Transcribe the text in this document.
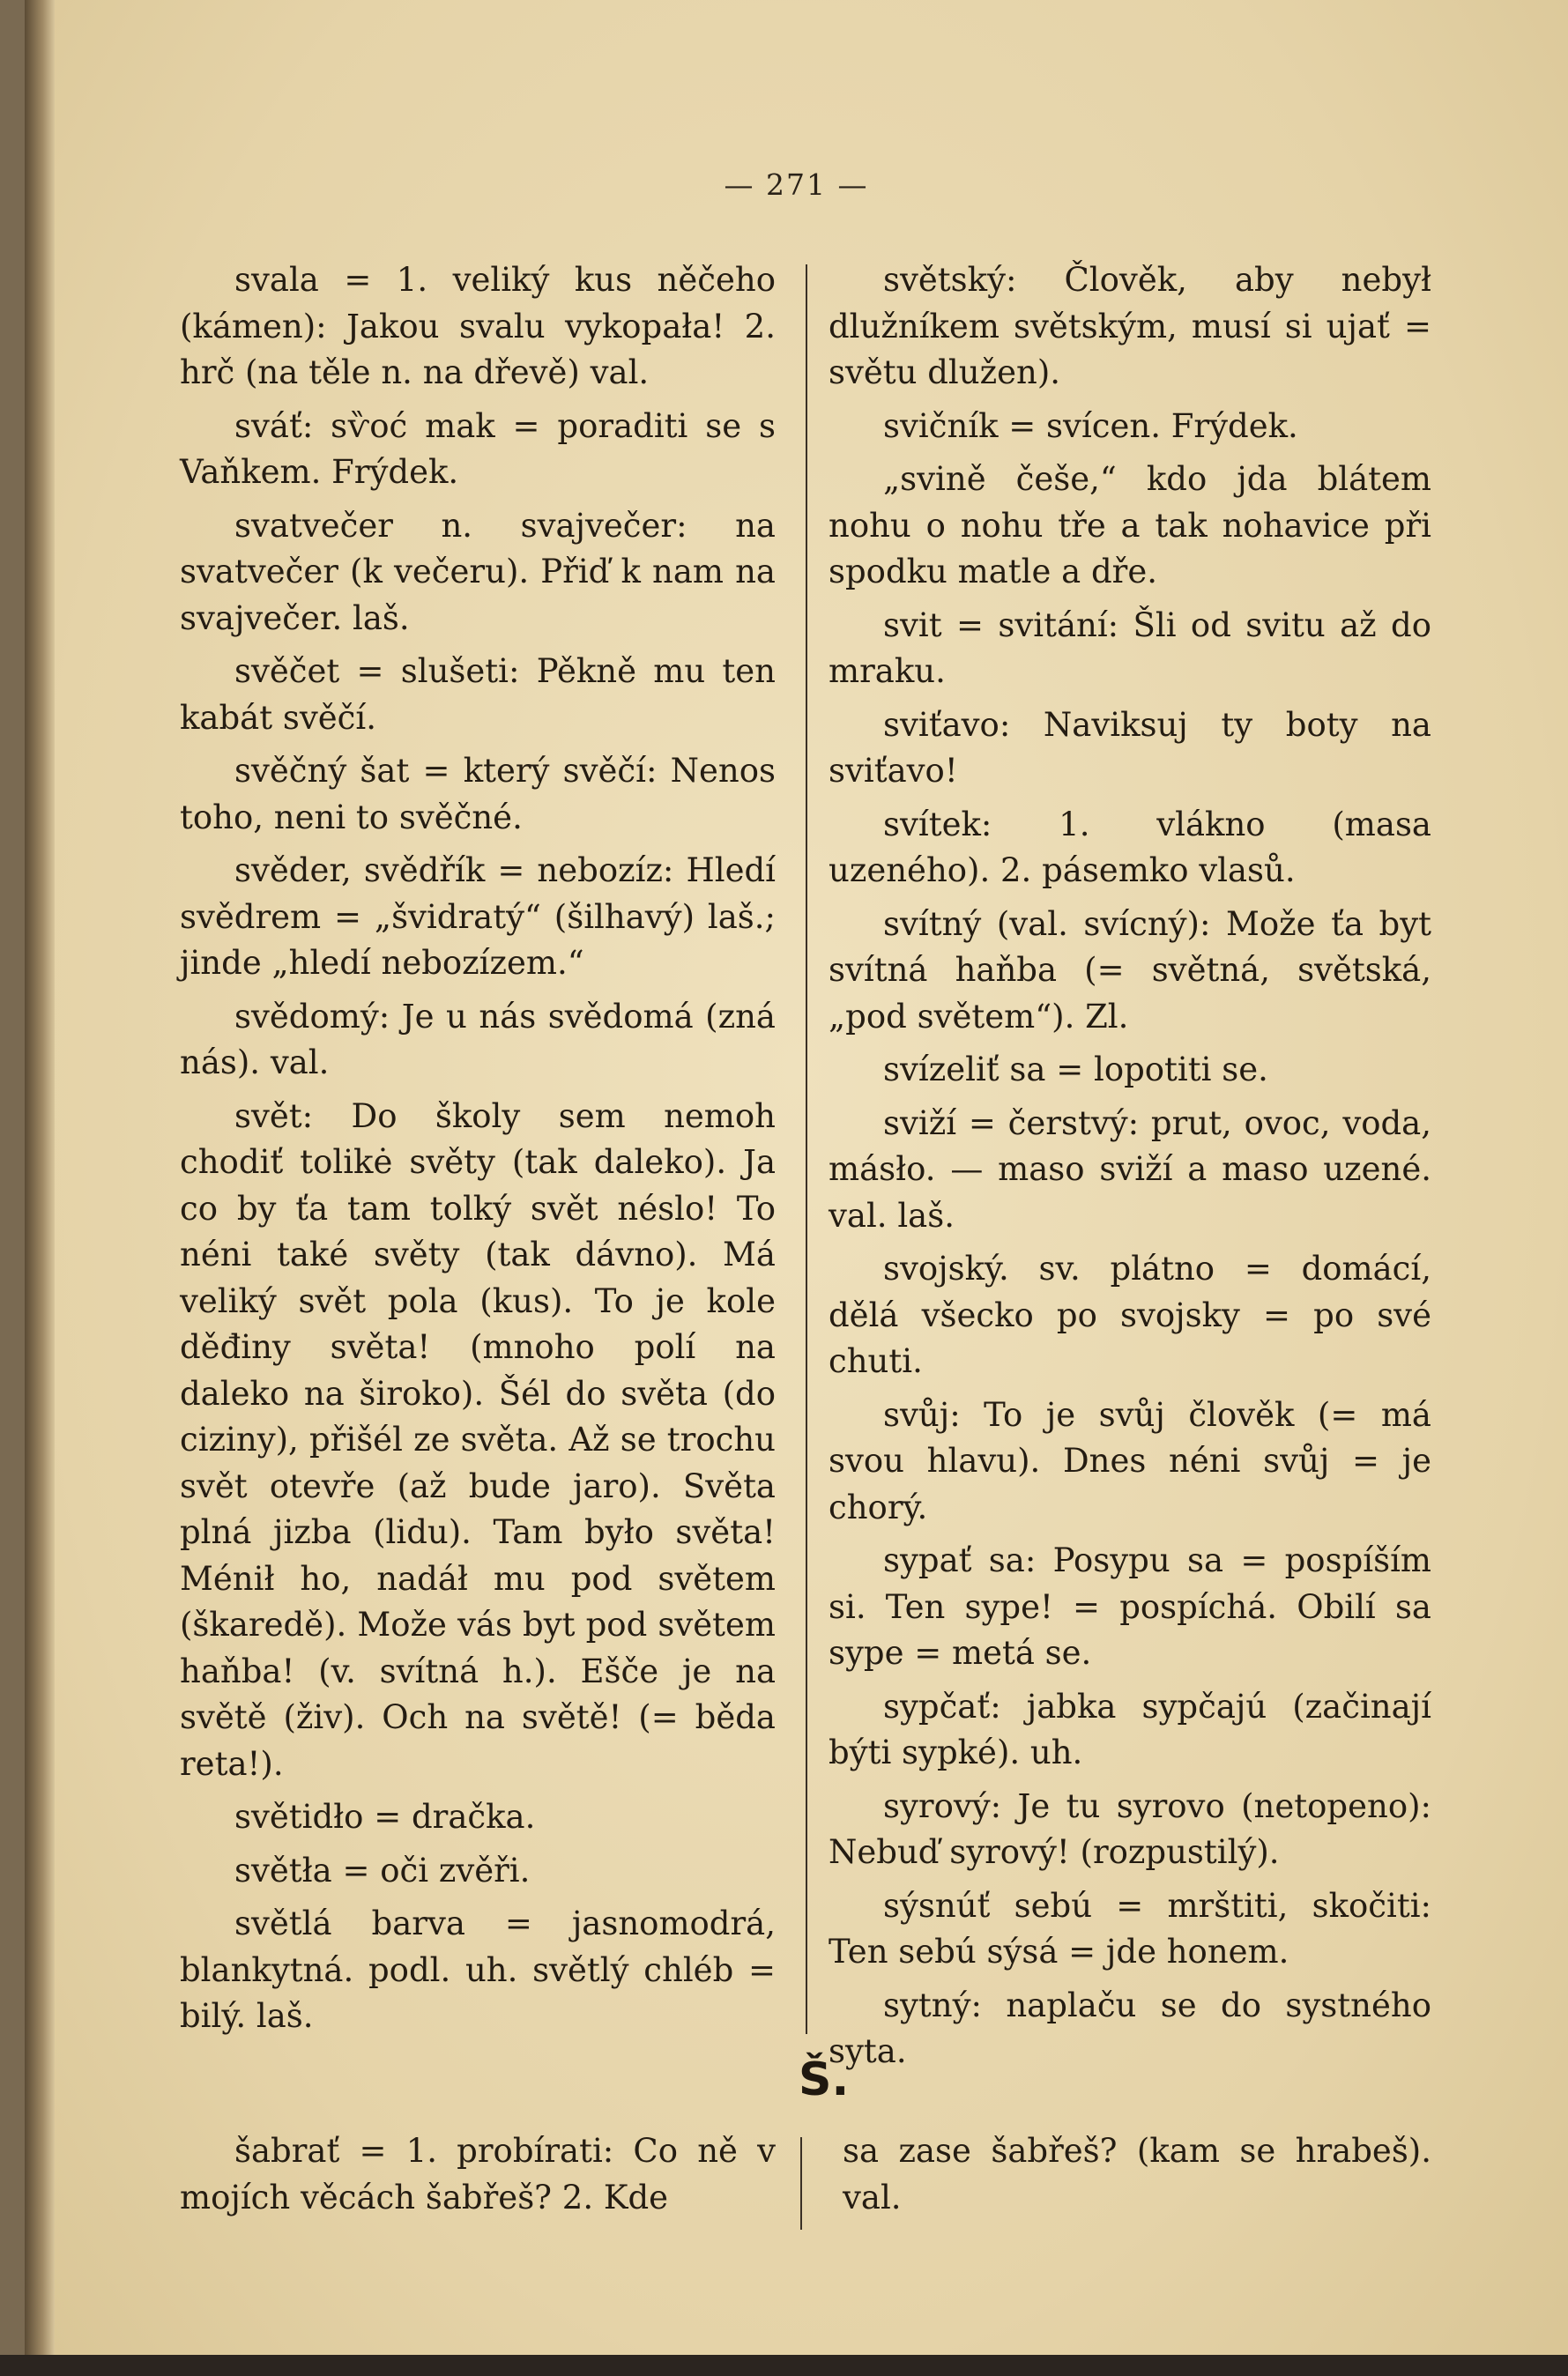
— 271 —

svala = 1. veliký kus něčeho (kámen): Jakou svalu vykopała! 2. hrč (na těle n. na dřevě) val.

sváť: sѷoć mak = poraditi se s Vaňkem. Frýdek.

svatvečer n. svajvečer: na svatvečer (k večeru). Přiď k nam na svajvečer. laš.

svěčet = slušeti: Pěkně mu ten kabát svěčí.

svěčný šat = který svěčí: Nenos toho, neni to svěčné.

svěder, svědřík = nebozíz: Hledí svědrem = „švidratý“ (šilhavý) laš.; jinde „hledí nebozízem.“

svědomý: Je u nás svědomá (zná nás). val.

svět: Do školy sem nemoh chodiť tolikė světy (tak daleko). Ja co by ťa tam tolký svět néslo! To néni také světy (tak dávno). Má veliký svět pola (kus). To je kole děđiny světa! (mnoho polí na daleko na široko). Šél do světa (do ciziny), přišél ze světa. Až se trochu svět otevře (až bude jaro). Světa plná jizba (lidu). Tam było světa! Ménił ho, nadáł mu pod světem (škaredě). Može vás byt pod světem haňba! (v. svítná h.). Ešče je na světě (živ). Och na světě! (= běda reta!).

světidło = dračka.

světła = oči zvěři.

světlá barva = jasnomodrá, blankytná. podl. uh. světlý chléb = bilý. laš.

světský: Člověk, aby nebył dlužníkem světským, musí si ujať = světu dlužen).

svičník = svícen. Frýdek.

„svině češe,“ kdo jda blátem nohu o nohu tře a tak nohavice při spodku matle a dře.

svit = svitání: Šli od svitu až do mraku.

sviťavo: Naviksuj ty boty na sviťavo!

svítek: 1. vlákno (masa uzeného). 2. pásemko vlasů.

svítný (val. svícný): Može ťa byt svítná haňba (= světná, světská, „pod světem“). Zl.

svízeliť sa = lopotiti se.

sviží = čerstvý: prut, ovoc, voda, másło. — maso sviží a maso uzené. val. laš.

svojský. sv. plátno = domácí, dělá všecko po svojsky = po své chuti.

svůj: To je svůj člověk (= má svou hlavu). Dnes néni svůj = je chorý.

sypať sa: Posypu sa = pospíším si. Ten sype! = pospíchá. Obilí sa sype = metá se.

sypčať: jabka sypčajú (začinají býti sypké). uh.

syrový: Je tu syrovo (netopeno): Nebuď syrový! (rozpustilý).

sýsnúť sebú = mrštiti, skočiti: Ten sebú sýsá = jde honem.

sytný: naplaču se do systného syta.

Š.

šabrať = 1. probírati: Co ně v mojích věcách šabřeš? 2. Kde

sa zase šabřeš? (kam se hrabeš). val.
